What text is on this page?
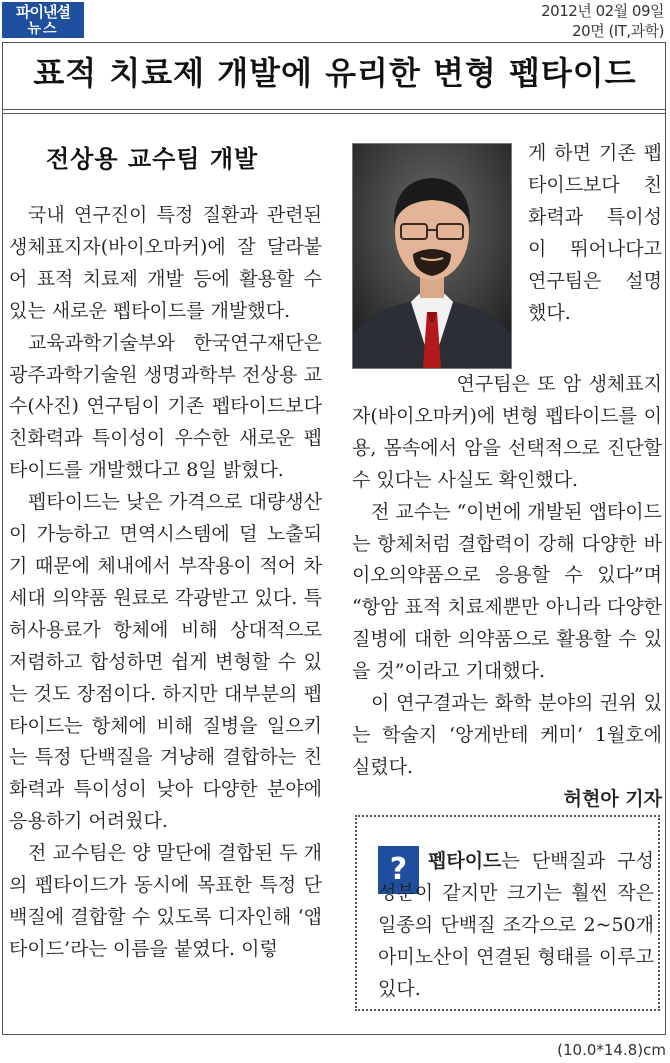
파이낸셜
뉴스
2012년 02월 09일
20면 (IT,과학)
표적 치료제 개발에 유리한 변형 펩타이드
전상용 교수팀 개발

국내 연구진이 특정 질환과 관련된 생체표지자(바이오마커)에 잘 달라붙어 표적 치료제 개발 등에 활용할 수 있는 새로운 펩타이드를 개발했다.

교육과학기술부와 한국연구재단은 광주과학기술원 생명과학부 전상용 교수(사진) 연구팀이 기존 펩타이드보다 친화력과 특이성이 우수한 새로운 펩타이드를 개발했다고 8일 밝혔다.

펩타이드는 낮은 가격으로 대량생산이 가능하고 면역시스템에 덜 노출되기 때문에 체내에서 부작용이 적어 차세대 의약품 원료로 각광받고 있다. 특허사용료가 항체에 비해 상대적으로 저렴하고 합성하면 쉽게 변형할 수 있는 것도 장점이다. 하지만 대부분의 펩타이드는 항체에 비해 질병을 일으키는 특정 단백질을 겨냥해 결합하는 친화력과 특이성이 낮아 다양한 분야에 응용하기 어려웠다.

전 교수팀은 양 말단에 결합된 두 개의 펩타이드가 동시에 목표한 특정 단백질에 결합할 수 있도록 디자인해 ‘앱타이드’라는 이름을 붙였다. 이렇

게 하면 기존 펩타이드보다 친화력과 특이성이 뛰어나다고 연구팀은 설명했다.

연구팀은 또 암 생체표지자(바이오마커)에 변형 펩타이드를 이용, 몸속에서 암을 선택적으로 진단할 수 있다는 사실도 확인했다.

전 교수는 “이번에 개발된 앱타이드는 항체처럼 결합력이 강해 다양한 바이오의약품으로 응용할 수 있다”며 “항암 표적 치료제뿐만 아니라 다양한 질병에 대한 의약품으로 활용할 수 있을 것”이라고 기대했다.

이 연구결과는 화학 분야의 권위 있는 학술지 ‘앙게반테 케미’ 1월호에 실렸다.

허현아 기자

?	펩타이드는 단백질과 구성성분이 같지만 크기는 훨씬 작은 일종의 단백질 조각으로 2~50개 아미노산이 연결된 형태를 이루고 있다.

(10.0*14.8)cm
